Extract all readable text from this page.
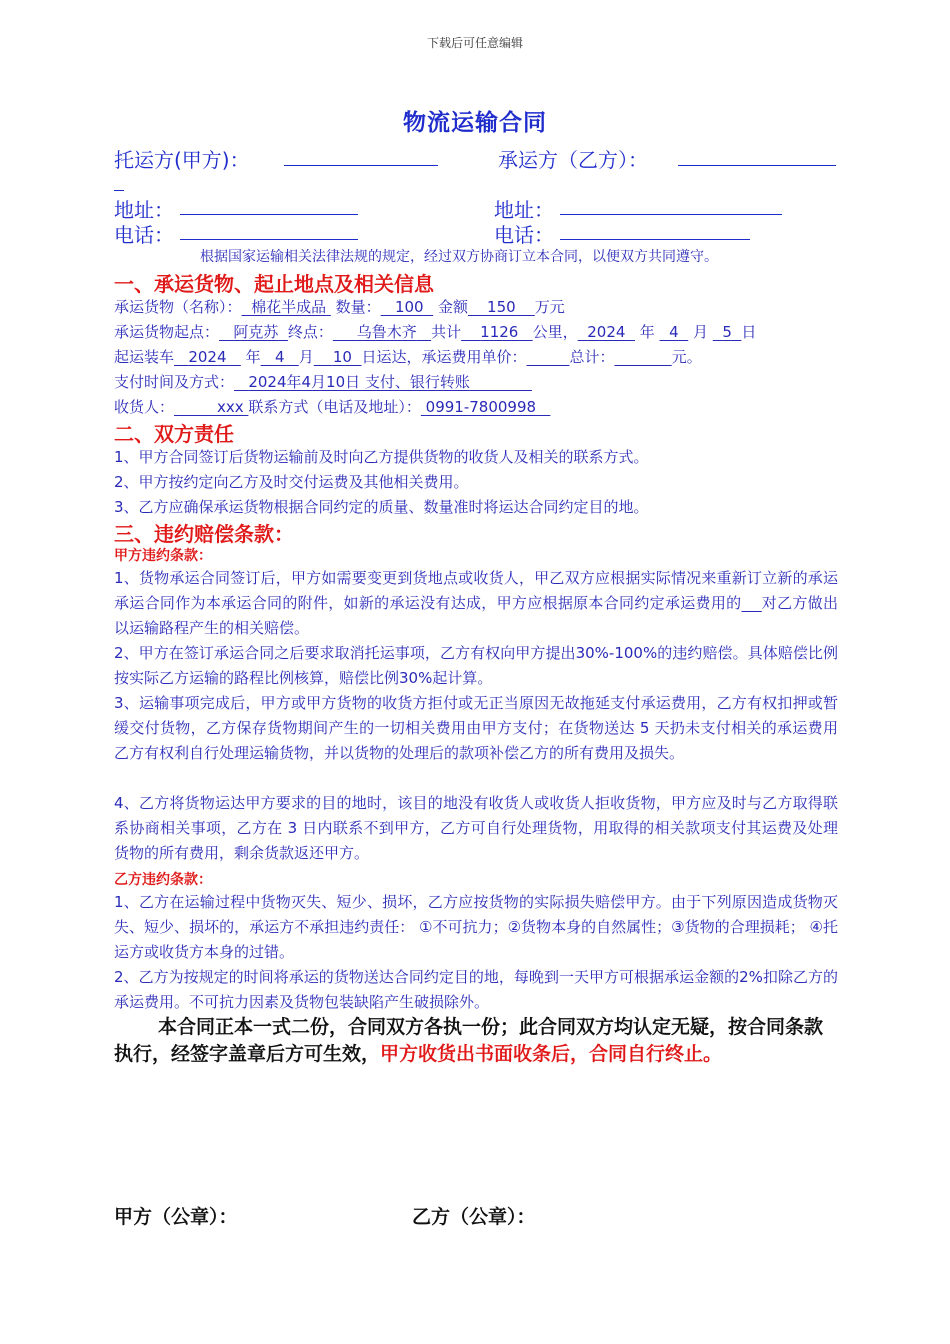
下载后可任意编辑
物流运输合同
托运方(甲方)：	承运方（乙方）：
地址：	地址：
电话：	电话：
根据国家运输相关法律法规的规定，经过双方协商订立本合同，以便双方共同遵守。
一、承运货物、起止地点及相关信息
承运货物（名称）： 棉花半成品 数量： 100 金额 150 万元
承运货物起点： 阿克苏 终点： 乌鲁木齐 共计 1126 公里， 2024 年 4 月 5 日
起运装车 2024 年 4 月 10 日运达，承运费用单价：	总计：	元。
支付时间及方式： 2024年4月10日 支付、银行转账
收货人：	xxx 联系方式（电话及地址）： 0991-7800998
二、双方责任
1、甲方合同签订后货物运输前及时向乙方提供货物的收货人及相关的联系方式。
2、甲方按约定向乙方及时交付运费及其他相关费用。
3、乙方应确保承运货物根据合同约定的质量、数量准时将运达合同约定目的地。
三、违约赔偿条款：
甲方违约条款：
1、货物承运合同签订后，甲方如需要变更到货地点或收货人，甲乙双方应根据实际情况来重新订立新的承运承运合同作为本承运合同的附件，如新的承运没有达成，甲方应根据原本合同约定承运费用的 对乙方做出以运输路程产生的相关赔偿。
2、甲方在签订承运合同之后要求取消托运事项，乙方有权向甲方提出30%-100%的违约赔偿。具体赔偿比例按实际乙方运输的路程比例核算，赔偿比例30%起计算。
3、运输事项完成后，甲方或甲方货物的收货方拒付或无正当原因无故拖延支付承运费用，乙方有权扣押或暂缓交付货物，乙方保存货物期间产生的一切相关费用由甲方支付；在货物送达 5 天扔未支付相关的承运费用乙方有权利自行处理运输货物，并以货物的处理后的款项补偿乙方的所有费用及损失。
4、乙方将货物运达甲方要求的目的地时，该目的地没有收货人或收货人拒收货物，甲方应及时与乙方取得联系协商相关事项，乙方在 3 日内联系不到甲方，乙方可自行处理货物，用取得的相关款项支付其运费及处理货物的所有费用，剩余货款返还甲方。
乙方违约条款：
1、乙方在运输过程中货物灭失、短少、损坏，乙方应按货物的实际损失赔偿甲方。由于下列原因造成货物灭失、短少、损坏的，承运方不承担违约责任： ①不可抗力；②货物本身的自然属性；③货物的合理损耗； ④托运方或收货方本身的过错。
2、乙方为按规定的时间将承运的货物送达合同约定目的地，每晚到一天甲方可根据承运金额的2%扣除乙方的承运费用。不可抗力因素及货物包装缺陷产生破损除外。
本合同正本一式二份，合同双方各执一份；此合同双方均认定无疑，按合同条款执行，经签字盖章后方可生效，甲方收货出书面收条后，合同自行终止。
甲方（公章）：	乙方（公章）：
